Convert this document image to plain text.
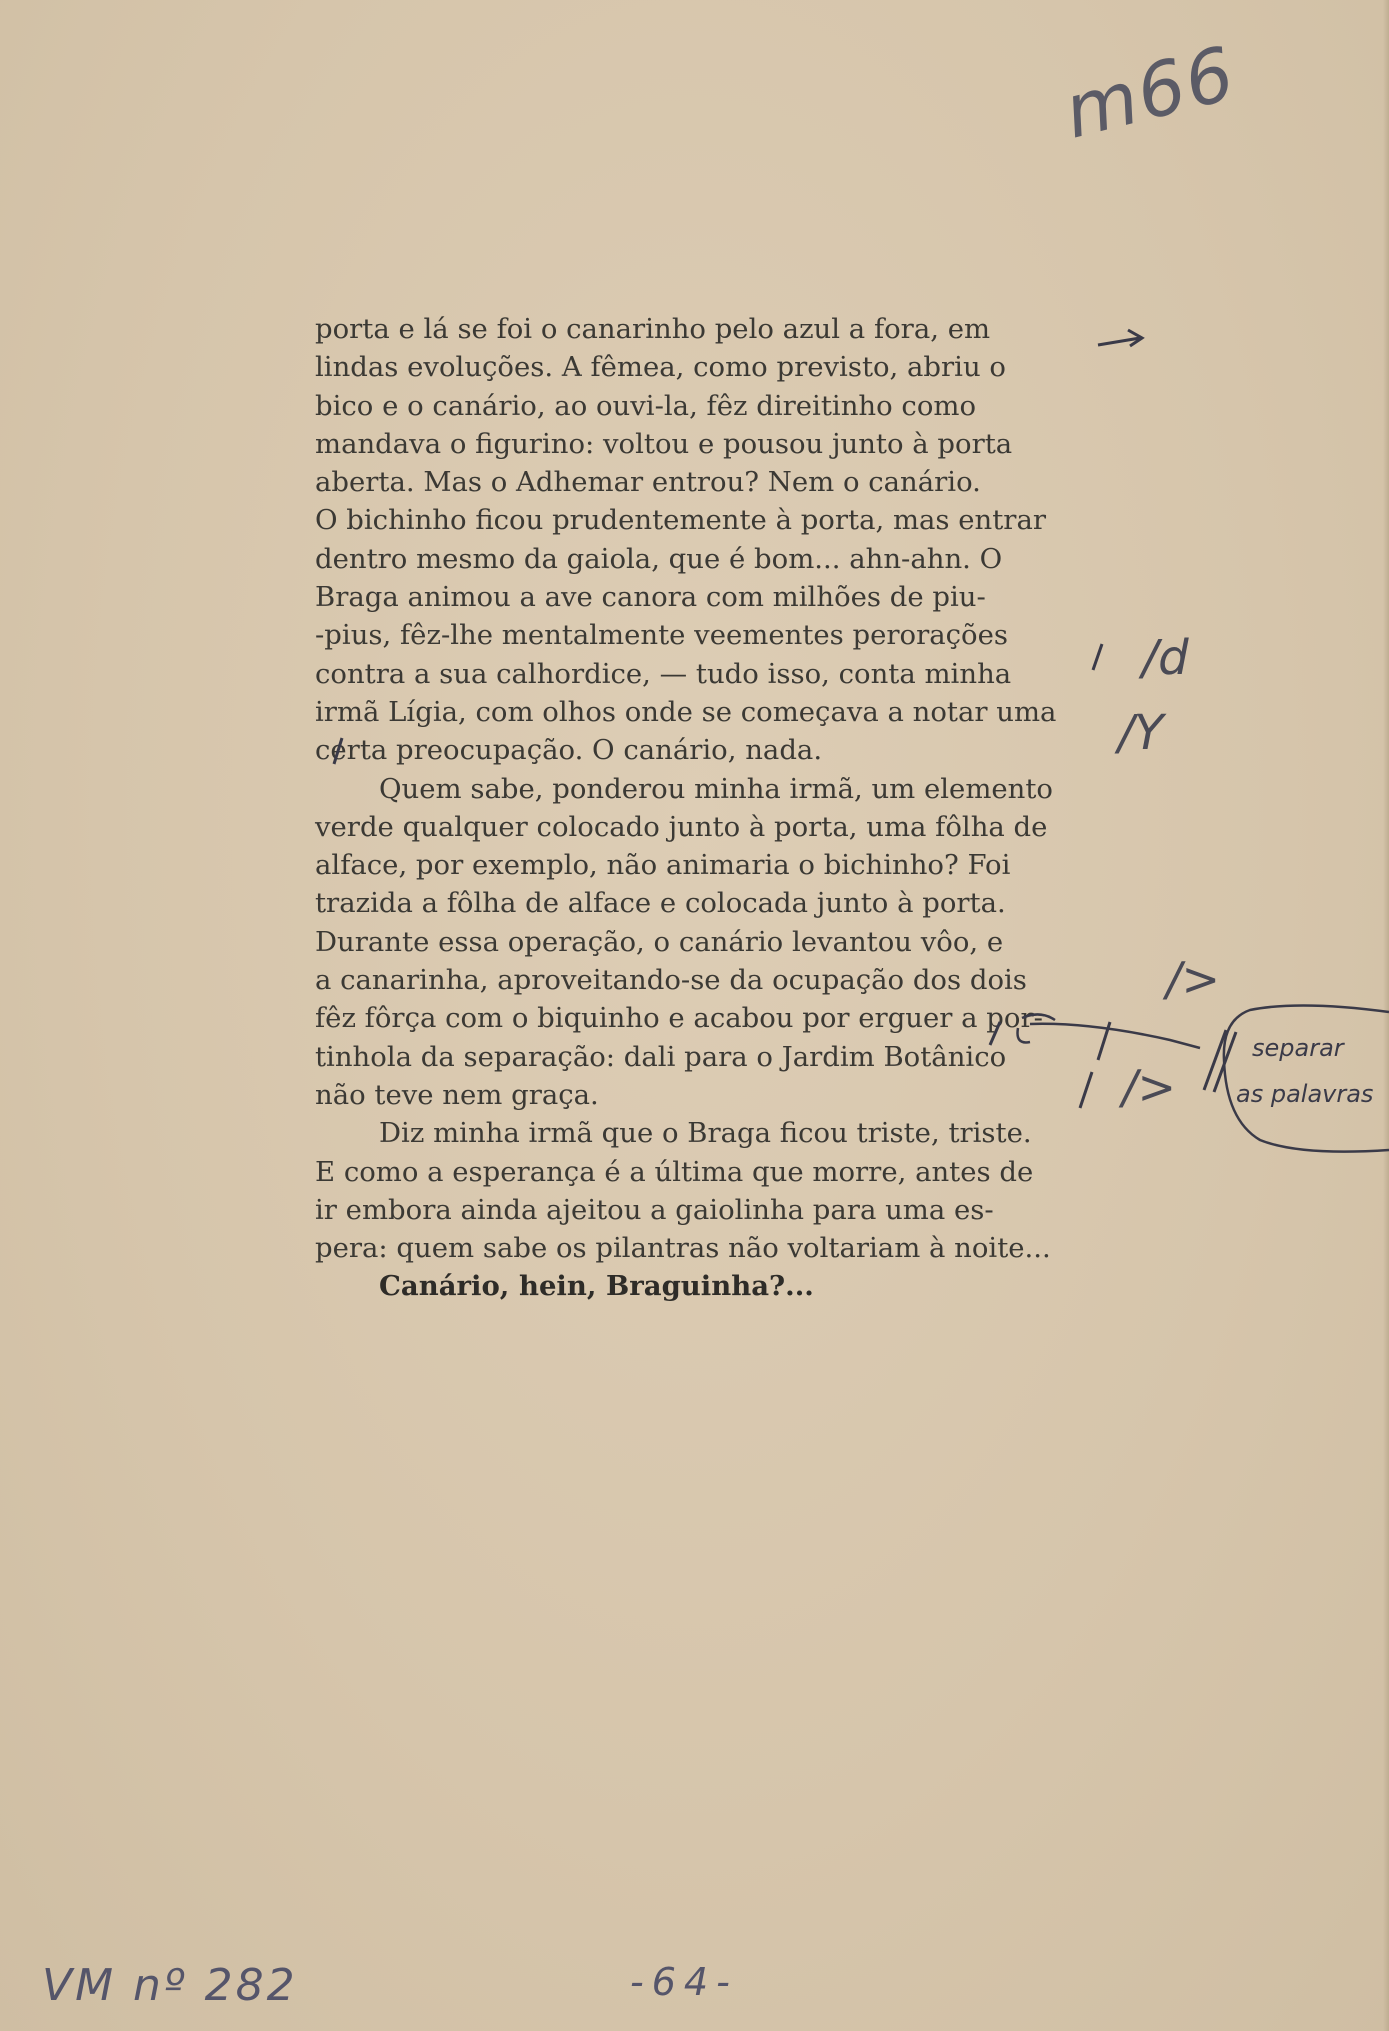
m66

porta e lá se foi o canarinho pelo azul a fora, em

lindas evoluções. A fêmea, como previsto, abriu o

bico e o canário, ao ouvi-la, fêz direitinho como

mandava o figurino: voltou e pousou junto à porta

aberta. Mas o Adhemar entrou? Nem o canário.

O bichinho ficou prudentemente à porta, mas entrar

dentro mesmo da gaiola, que é bom... ahn-ahn. O

Braga animou a ave canora com milhões de piu-

-pius, fêz-lhe mentalmente veementes perorações

contra a sua calhordice, — tudo isso, conta minha

irmã Lígia, com olhos onde se começava a notar uma

certa preocupação. O canário, nada.

Quem sabe, ponderou minha irmã, um elemento

verde qualquer colocado junto à porta, uma fôlha de

alface, por exemplo, não animaria o bichinho? Foi

trazida a fôlha de alface e colocada junto à porta.

Durante essa operação, o canário levantou vôo, e

a canarinha, aproveitando-se da ocupação dos dois

fêz fôrça com o biquinho e acabou por erguer a por-

tinhola da separação: dali para o Jardim Botânico

não teve nem graça.

Diz minha irmã que o Braga ficou triste, triste.

E como a esperança é a última que morre, antes de

ir embora ainda ajeitou a gaiolinha para uma es-

pera: quem sabe os pilantras não voltariam à noite...

Canário, hein, Braguinha?...

/d
/Y
/>
/>
separar
as palavras
VM nº 282	-64-
